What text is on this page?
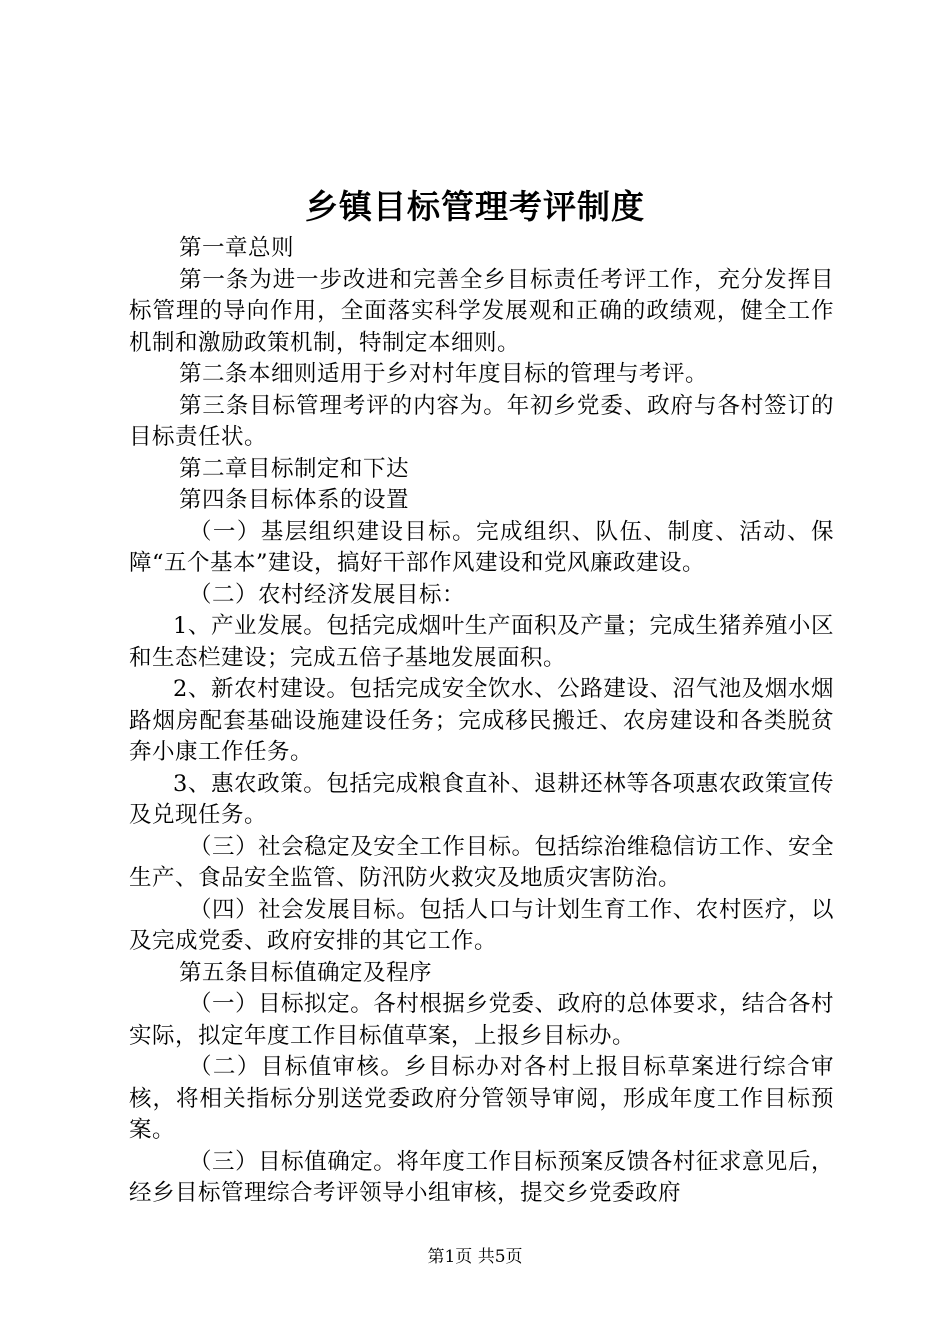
乡镇目标管理考评制度

第一章总则

第一条为进一步改进和完善全乡目标责任考评工作，充分发挥目标管理的导向作用，全面落实科学发展观和正确的政绩观，健全工作机制和激励政策机制，特制定本细则。

第二条本细则适用于乡对村年度目标的管理与考评。

第三条目标管理考评的内容为。年初乡党委、政府与各村签订的目标责任状。

第二章目标制定和下达

第四条目标体系的设置

（一）基层组织建设目标。完成组织、队伍、制度、活动、保障“五个基本”建设，搞好干部作风建设和党风廉政建设。

（二）农村经济发展目标：

1、产业发展。包括完成烟叶生产面积及产量；完成生猪养殖小区和生态栏建设；完成五倍子基地发展面积。

2、新农村建设。包括完成安全饮水、公路建设、沼气池及烟水烟路烟房配套基础设施建设任务；完成移民搬迁、农房建设和各类脱贫奔小康工作任务。

3、惠农政策。包括完成粮食直补、退耕还林等各项惠农政策宣传及兑现任务。

（三）社会稳定及安全工作目标。包括综治维稳信访工作、安全生产、食品安全监管、防汛防火救灾及地质灾害防治。

（四）社会发展目标。包括人口与计划生育工作、农村医疗，以及完成党委、政府安排的其它工作。

第五条目标值确定及程序

（一）目标拟定。各村根据乡党委、政府的总体要求，结合各村实际，拟定年度工作目标值草案，上报乡目标办。

（二）目标值审核。乡目标办对各村上报目标草案进行综合审核，将相关指标分别送党委政府分管领导审阅，形成年度工作目标预案。

（三）目标值确定。将年度工作目标预案反馈各村征求意见后，经乡目标管理综合考评领导小组审核，提交乡党委政府

第1页 共5页
